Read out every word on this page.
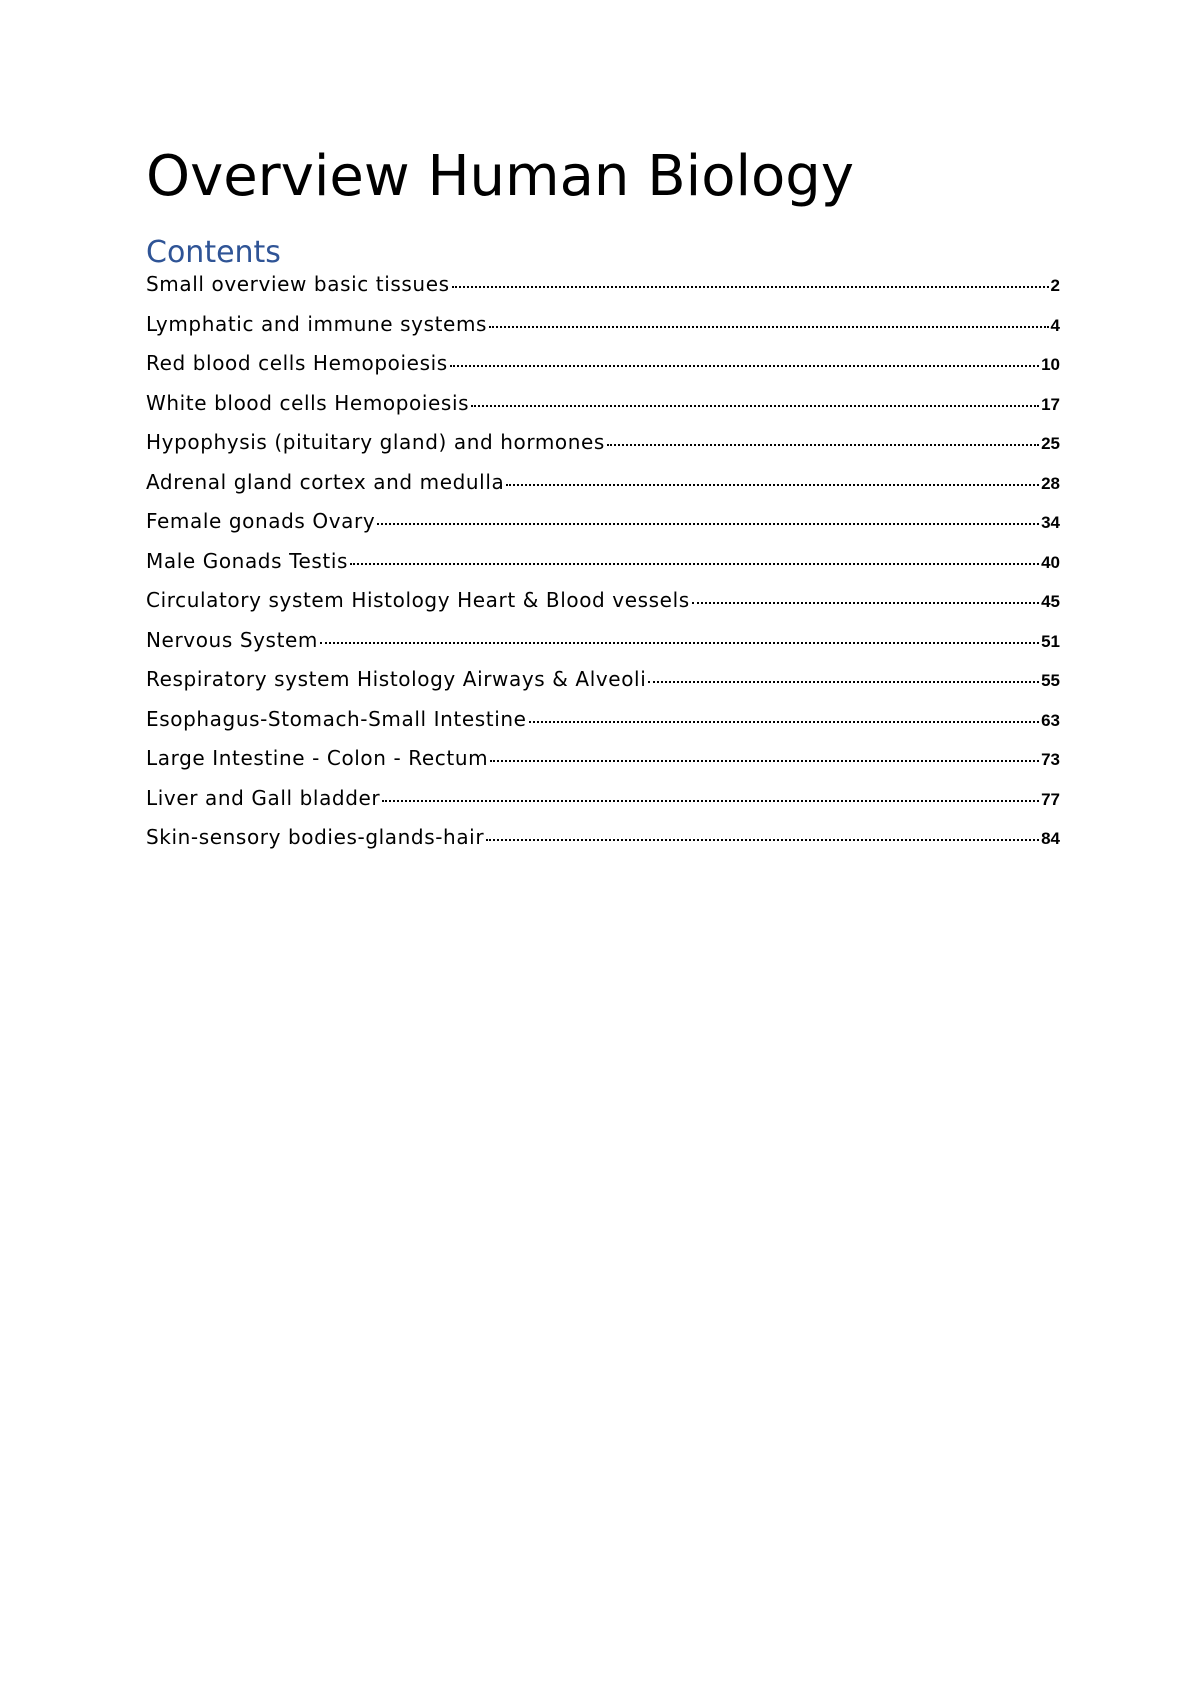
Overview Human Biology
Contents
Small overview basic tissues	2
Lymphatic and immune systems	4
Red blood cells Hemopoiesis	10
White blood cells Hemopoiesis	17
Hypophysis (pituitary gland) and hormones	25
Adrenal gland cortex and medulla	28
Female gonads Ovary	34
Male Gonads Testis	40
Circulatory system Histology Heart & Blood vessels	45
Nervous System	51
Respiratory system Histology Airways & Alveoli	55
Esophagus-Stomach-Small Intestine	63
Large Intestine - Colon - Rectum	73
Liver and Gall bladder	77
Skin-sensory bodies-glands-hair	84
